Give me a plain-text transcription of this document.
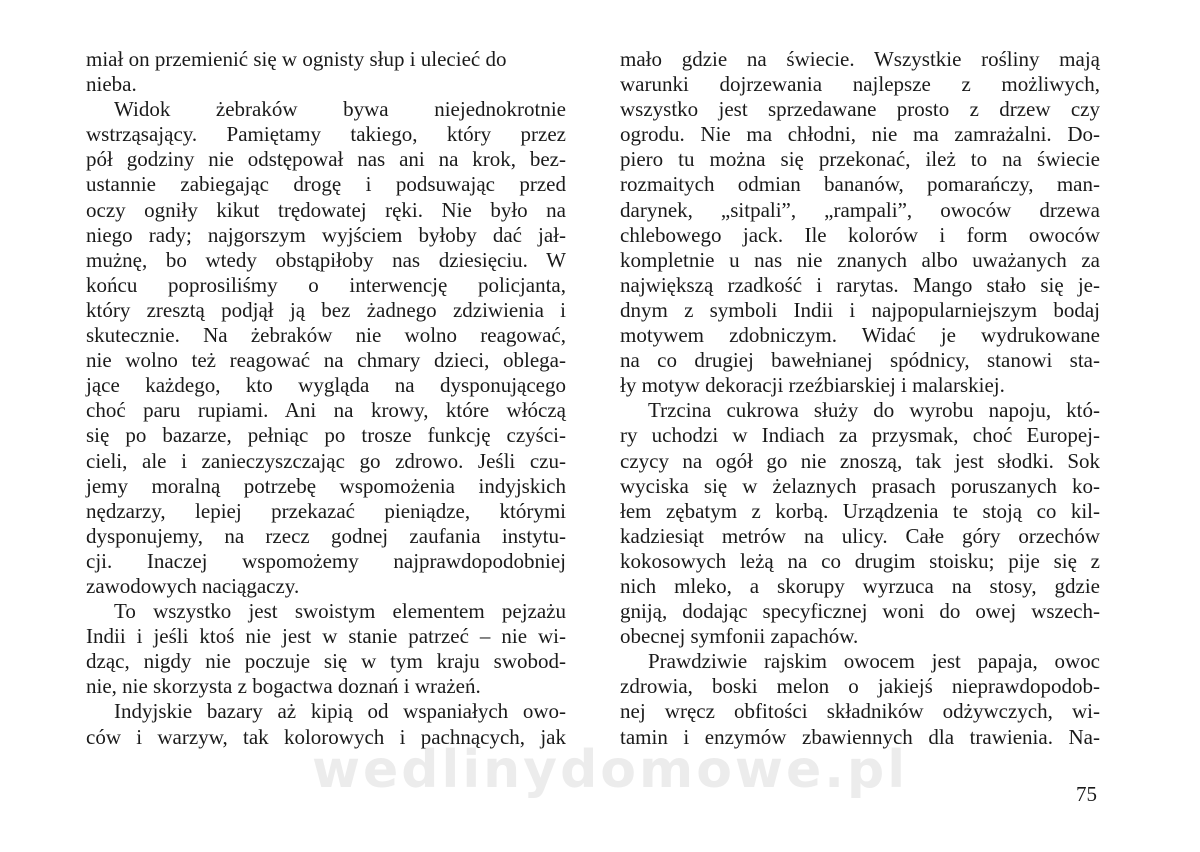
miał on przemienić się w ognisty słup i ulecieć do
nieba.
Widok żebraków bywa niejednokrotnie
wstrząsający. Pamiętamy takiego, który przez
pół godziny nie odstępował nas ani na krok, bez-
ustannie zabiegając drogę i podsuwając przed
oczy ogniły kikut trędowatej ręki. Nie było na
niego rady; najgorszym wyjściem byłoby dać jał-
mużnę, bo wtedy obstąpiłoby nas dziesięciu. W
końcu poprosiliśmy o interwencję policjanta,
który zresztą podjął ją bez żadnego zdziwienia i
skutecznie. Na żebraków nie wolno reagować,
nie wolno też reagować na chmary dzieci, oblega-
jące każdego, kto wygląda na dysponującego
choć paru rupiami. Ani na krowy, które włóczą
się po bazarze, pełniąc po trosze funkcję czyści-
cieli, ale i zanieczyszczając go zdrowo. Jeśli czu-
jemy moralną potrzebę wspomożenia indyjskich
nędzarzy, lepiej przekazać pieniądze, którymi
dysponujemy, na rzecz godnej zaufania instytu-
cji. Inaczej wspomożemy najprawdopodobniej
zawodowych naciągaczy.
To wszystko jest swoistym elementem pejzażu
Indii i jeśli ktoś nie jest w stanie patrzeć – nie wi-
dząc, nigdy nie poczuje się w tym kraju swobod-
nie, nie skorzysta z bogactwa doznań i wrażeń.
Indyjskie bazary aż kipią od wspaniałych owo-
ców i warzyw, tak kolorowych i pachnących, jak
mało gdzie na świecie. Wszystkie rośliny mają
warunki dojrzewania najlepsze z możliwych,
wszystko jest sprzedawane prosto z drzew czy
ogrodu. Nie ma chłodni, nie ma zamrażalni. Do-
piero tu można się przekonać, ileż to na świecie
rozmaitych odmian bananów, pomarańczy, man-
darynek, „sitpali”, „rampali”, owoców drzewa
chlebowego jack. Ile kolorów i form owoców
kompletnie u nas nie znanych albo uważanych za
największą rzadkość i rarytas. Mango stało się je-
dnym z symboli Indii i najpopularniejszym bodaj
motywem zdobniczym. Widać je wydrukowane
na co drugiej bawełnianej spódnicy, stanowi sta-
ły motyw dekoracji rzeźbiarskiej i malarskiej.
Trzcina cukrowa służy do wyrobu napoju, któ-
ry uchodzi w Indiach za przysmak, choć Europej-
czycy na ogół go nie znoszą, tak jest słodki. Sok
wyciska się w żelaznych prasach poruszanych ko-
łem zębatym z korbą. Urządzenia te stoją co kil-
kadziesiąt metrów na ulicy. Całe góry orzechów
kokosowych leżą na co drugim stoisku; pije się z
nich mleko, a skorupy wyrzuca na stosy, gdzie
gniją, dodając specyficznej woni do owej wszech-
obecnej symfonii zapachów.
Prawdziwie rajskim owocem jest papaja, owoc
zdrowia, boski melon o jakiejś nieprawdopodob-
nej wręcz obfitości składników odżywczych, wi-
tamin i enzymów zbawiennych dla trawienia. Na-
wedlinydomowe.pl	75
